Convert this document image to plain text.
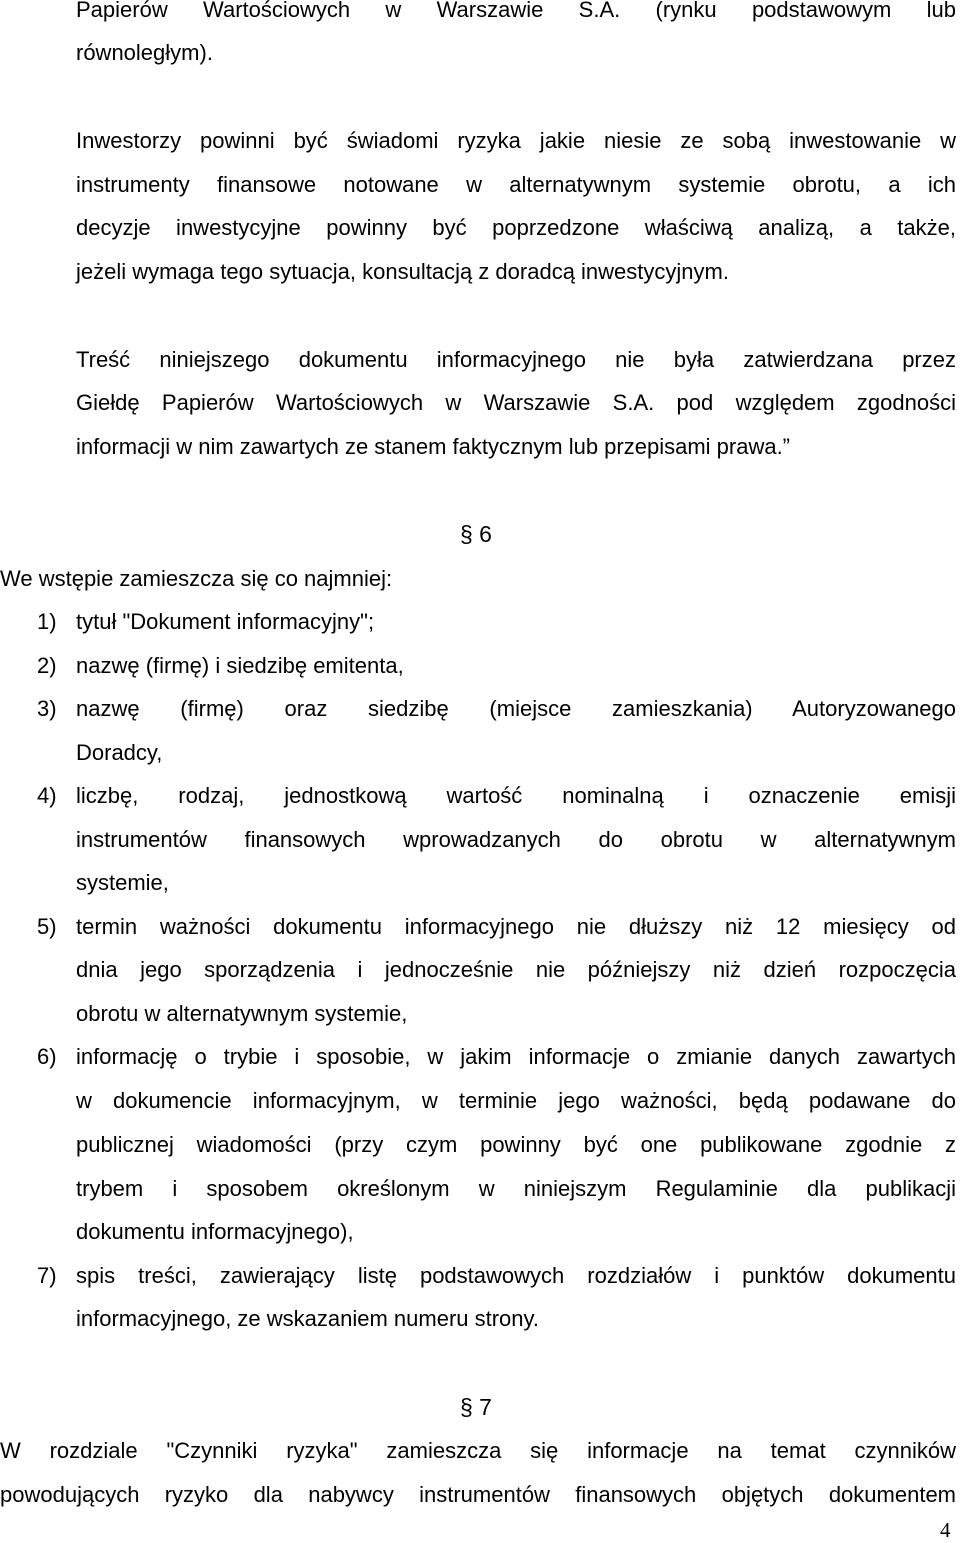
Papierów Wartościowych w Warszawie S.A. (rynku podstawowym lub
równoległym).
Inwestorzy powinni być świadomi ryzyka jakie niesie ze sobą inwestowanie w
instrumenty finansowe notowane w alternatywnym systemie obrotu, a ich
decyzje inwestycyjne powinny być poprzedzone właściwą analizą, a także,
jeżeli wymaga tego sytuacja, konsultacją z doradcą inwestycyjnym.
Treść niniejszego dokumentu informacyjnego nie była zatwierdzana przez
Giełdę Papierów Wartościowych w Warszawie S.A. pod względem zgodności
informacji w nim zawartych ze stanem faktycznym lub przepisami prawa.”
§ 6
We wstępie zamieszcza się co najmniej:
1) tytuł "Dokument informacyjny";
2) nazwę (firmę) i siedzibę emitenta,
3) nazwę (firmę) oraz siedzibę (miejsce zamieszkania) Autoryzowanego
Doradcy,
4) liczbę, rodzaj, jednostkową wartość nominalną i oznaczenie emisji
instrumentów finansowych wprowadzanych do obrotu w alternatywnym
systemie,
5) termin ważności dokumentu informacyjnego nie dłuższy niż 12 miesięcy od
dnia jego sporządzenia i jednocześnie nie późniejszy niż dzień rozpoczęcia
obrotu w alternatywnym systemie,
6) informację o trybie i sposobie, w jakim informacje o zmianie danych zawartych
w dokumencie informacyjnym, w terminie jego ważności, będą podawane do
publicznej wiadomości (przy czym powinny być one publikowane zgodnie z
trybem i sposobem określonym w niniejszym Regulaminie dla publikacji
dokumentu informacyjnego),
7) spis treści, zawierający listę podstawowych rozdziałów i punktów dokumentu
informacyjnego, ze wskazaniem numeru strony.
§ 7
W rozdziale "Czynniki ryzyka" zamieszcza się informacje na temat czynników
powodujących ryzyko dla nabywcy instrumentów finansowych objętych dokumentem
4
